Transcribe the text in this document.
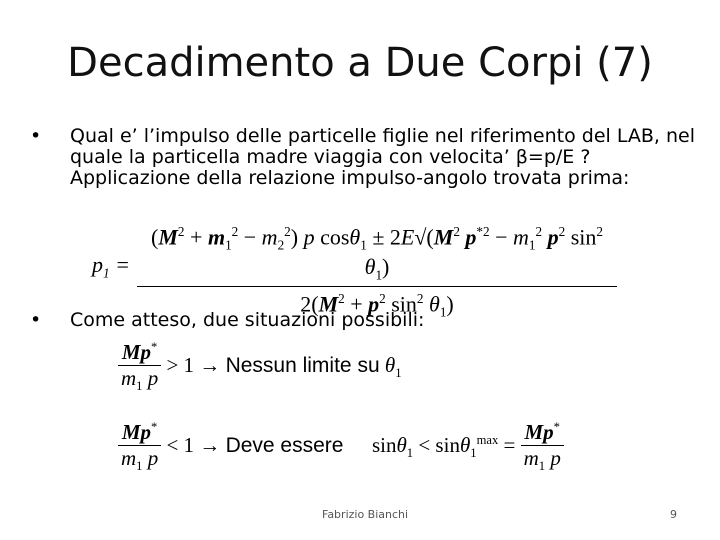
Decadimento a Due Corpi (7)
• Qual e’ l’impulso delle particelle figlie nel riferimento del LAB, nel quale la particella madre viaggia con velocita’ β=p/E ? Applicazione della relazione impulso-angolo trovata prima:
$p_1$ =
$(M^2 + m_1^2 - m_2^2)$ p $\cos\theta_1 \pm 2E√(M^2$ $p^{*2} - m_1^2$ $p^2$ $\sin^2 \theta_1$)
$2(M^2 + p^2$ $\sin^2 \theta_1$)
• Come atteso, due situazioni possibili:
$\frac{Mp^*}{m_1 p} > 1$ → Nessun limite su $\theta_1$
$\frac{Mp^*}{m_1 p} < 1$ → Deve essere  $\sin\theta_1 < \sin\theta_1^{max} = \frac{Mp^*}{m_1 p}$
Fabrizio Bianchi	9
